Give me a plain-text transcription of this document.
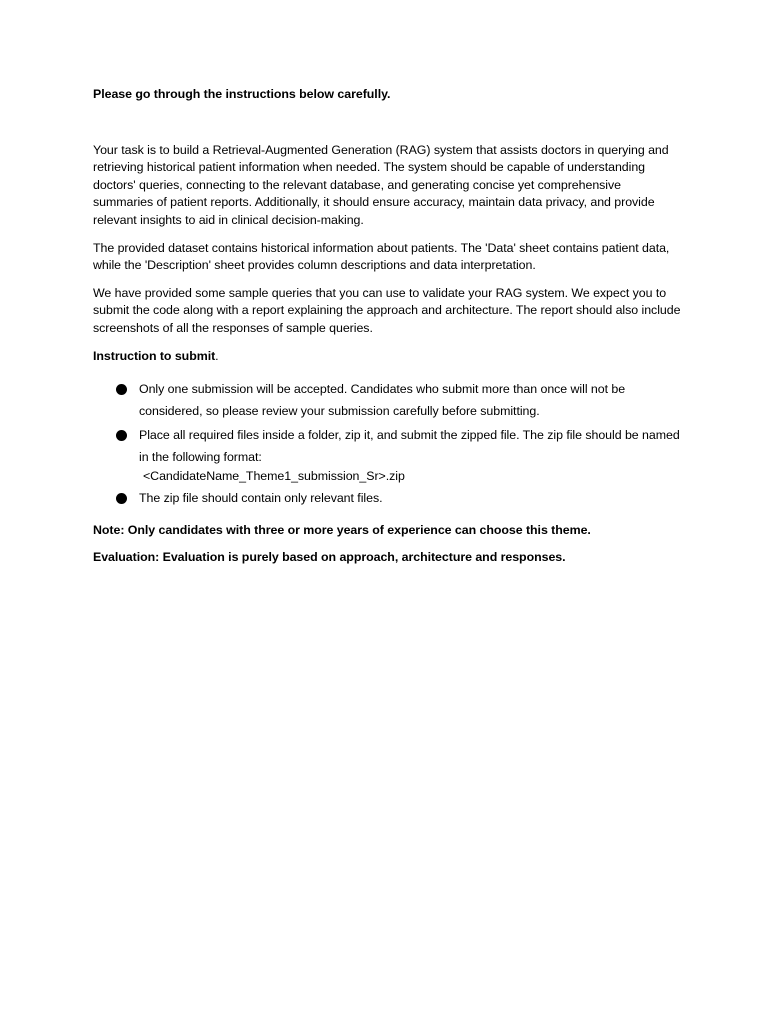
Please go through the instructions below carefully.

Your task is to build a Retrieval-Augmented Generation (RAG) system that assists doctors in querying and retrieving historical patient information when needed. The system should be capable of understanding doctors' queries, connecting to the relevant database, and generating concise yet comprehensive summaries of patient reports. Additionally, it should ensure accuracy, maintain data privacy, and provide relevant insights to aid in clinical decision-making.

The provided dataset contains historical information about patients. The 'Data' sheet contains patient data, while the 'Description' sheet provides column descriptions and data interpretation.

We have provided some sample queries that you can use to validate your RAG system. We expect you to submit the code along with a report explaining the approach and architecture. The report should also include screenshots of all the responses of sample queries.

Instruction to submit.

Only one submission will be accepted. Candidates who submit more than once will not be considered, so please review your submission carefully before submitting.
Place all required files inside a folder, zip it, and submit the zipped file. The zip file should be named in the following format:
<CandidateName_Theme1_submission_Sr>.zip
The zip file should contain only relevant files.

Note: Only candidates with three or more years of experience can choose this theme.

Evaluation: Evaluation is purely based on approach, architecture and responses.
